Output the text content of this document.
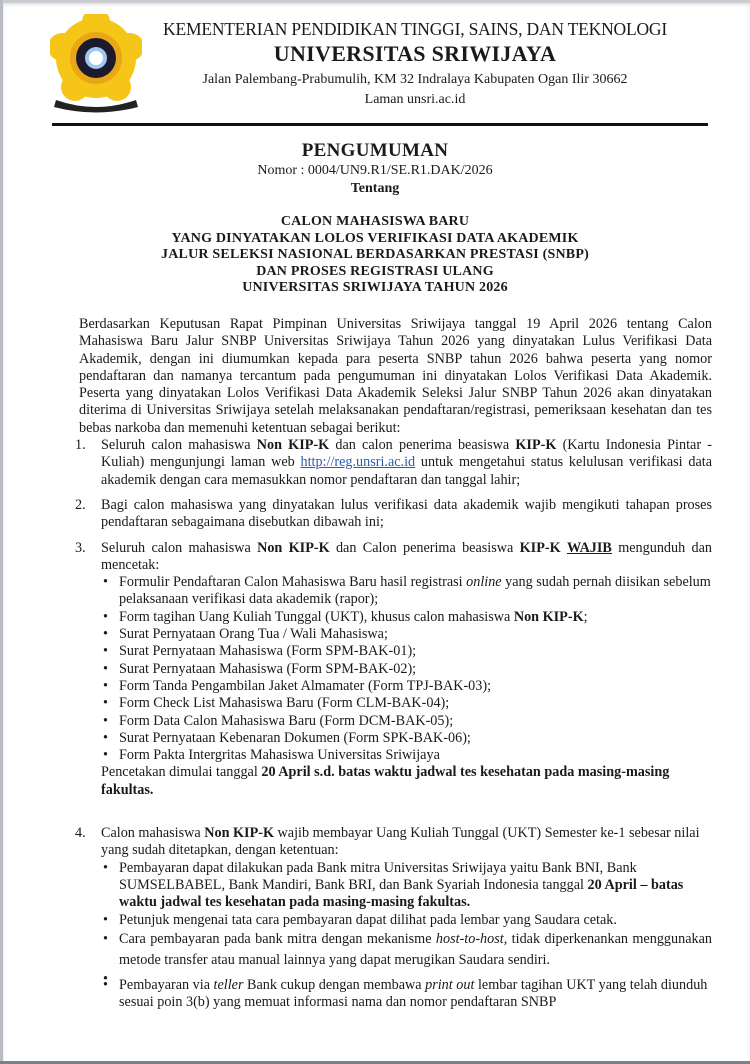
KEMENTERIAN PENDIDIKAN TINGGI, SAINS, DAN TEKNOLOGI
UNIVERSITAS SRIWIJAYA
Jalan Palembang-Prabumulih, KM 32 Indralaya Kabupaten Ogan Ilir 30662
Laman unsri.ac.id
PENGUMUMAN
Nomor : 0004/UN9.R1/SE.R1.DAK/2026
Tentang
CALON MAHASISWA BARU
YANG DINYATAKAN LOLOS VERIFIKASI DATA AKADEMIK
JALUR SELEKSI NASIONAL BERDASARKAN PRESTASI (SNBP)
DAN PROSES REGISTRASI ULANG
UNIVERSITAS SRIWIJAYA TAHUN 2026
Berdasarkan Keputusan Rapat Pimpinan Universitas Sriwijaya tanggal 19 April 2026 tentang Calon Mahasiswa Baru Jalur SNBP Universitas Sriwijaya Tahun 2026 yang dinyatakan Lulus Verifikasi Data Akademik, dengan ini diumumkan kepada para peserta SNBP tahun 2026 bahwa peserta yang nomor pendaftaran dan namanya tercantum pada pengumuman ini dinyatakan Lolos Verifikasi Data Akademik. Peserta yang dinyatakan Lolos Verifikasi Data Akademik Seleksi Jalur SNBP Tahun 2026 akan dinyatakan diterima di Universitas Sriwijaya setelah melaksanakan pendaftaran/registrasi, pemeriksaan kesehatan dan tes bebas narkoba dan memenuhi ketentuan sebagai berikut:
1. Seluruh calon mahasiswa Non KIP-K dan calon penerima beasiswa KIP-K (Kartu Indonesia Pintar - Kuliah) mengunjungi laman web http://reg.unsri.ac.id untuk mengetahui status kelulusan verifikasi data akademik dengan cara memasukkan nomor pendaftaran dan tanggal lahir;
2. Bagi calon mahasiswa yang dinyatakan lulus verifikasi data akademik wajib mengikuti tahapan proses pendaftaran sebagaimana disebutkan dibawah ini;
3. Seluruh calon mahasiswa Non KIP-K dan Calon penerima beasiswa KIP-K WAJIB mengunduh dan mencetak:
• Formulir Pendaftaran Calon Mahasiswa Baru hasil registrasi online yang sudah pernah diisikan sebelum pelaksanaan verifikasi data akademik (rapor);
• Form tagihan Uang Kuliah Tunggal (UKT), khusus calon mahasiswa Non KIP-K;
• Surat Pernyataan Orang Tua / Wali Mahasiswa;
• Surat Pernyataan Mahasiswa (Form SPM-BAK-01);
• Surat Pernyataan Mahasiswa (Form SPM-BAK-02);
• Form Tanda Pengambilan Jaket Almamater (Form TPJ-BAK-03);
• Form Check List Mahasiswa Baru (Form CLM-BAK-04);
• Form Data Calon Mahasiswa Baru (Form DCM-BAK-05);
• Surat Pernyataan Kebenaran Dokumen (Form SPK-BAK-06);
• Form Pakta Intergritas Mahasiswa Universitas Sriwijaya
Pencetakan dimulai tanggal 20 April s.d. batas waktu jadwal tes kesehatan pada masing-masing fakultas.
4. Calon mahasiswa Non KIP-K wajib membayar Uang Kuliah Tunggal (UKT) Semester ke-1 sebesar nilai yang sudah ditetapkan, dengan ketentuan:
• Pembayaran dapat dilakukan pada Bank mitra Universitas Sriwijaya yaitu Bank BNI, Bank SUMSELBABEL, Bank Mandiri, Bank BRI, dan Bank Syariah Indonesia tanggal 20 April – batas waktu jadwal tes kesehatan pada masing-masing fakultas.
• Petunjuk mengenai tata cara pembayaran dapat dilihat pada lembar yang Saudara cetak.
• Cara pembayaran pada bank mitra dengan mekanisme host-to-host, tidak diperkenankan menggunakan metode transfer atau manual lainnya yang dapat merugikan Saudara sendiri.
•
• Pembayaran via teller Bank cukup dengan membawa print out lembar tagihan UKT yang telah diunduh sesuai poin 3(b) yang memuat informasi nama dan nomor pendaftaran SNBP
